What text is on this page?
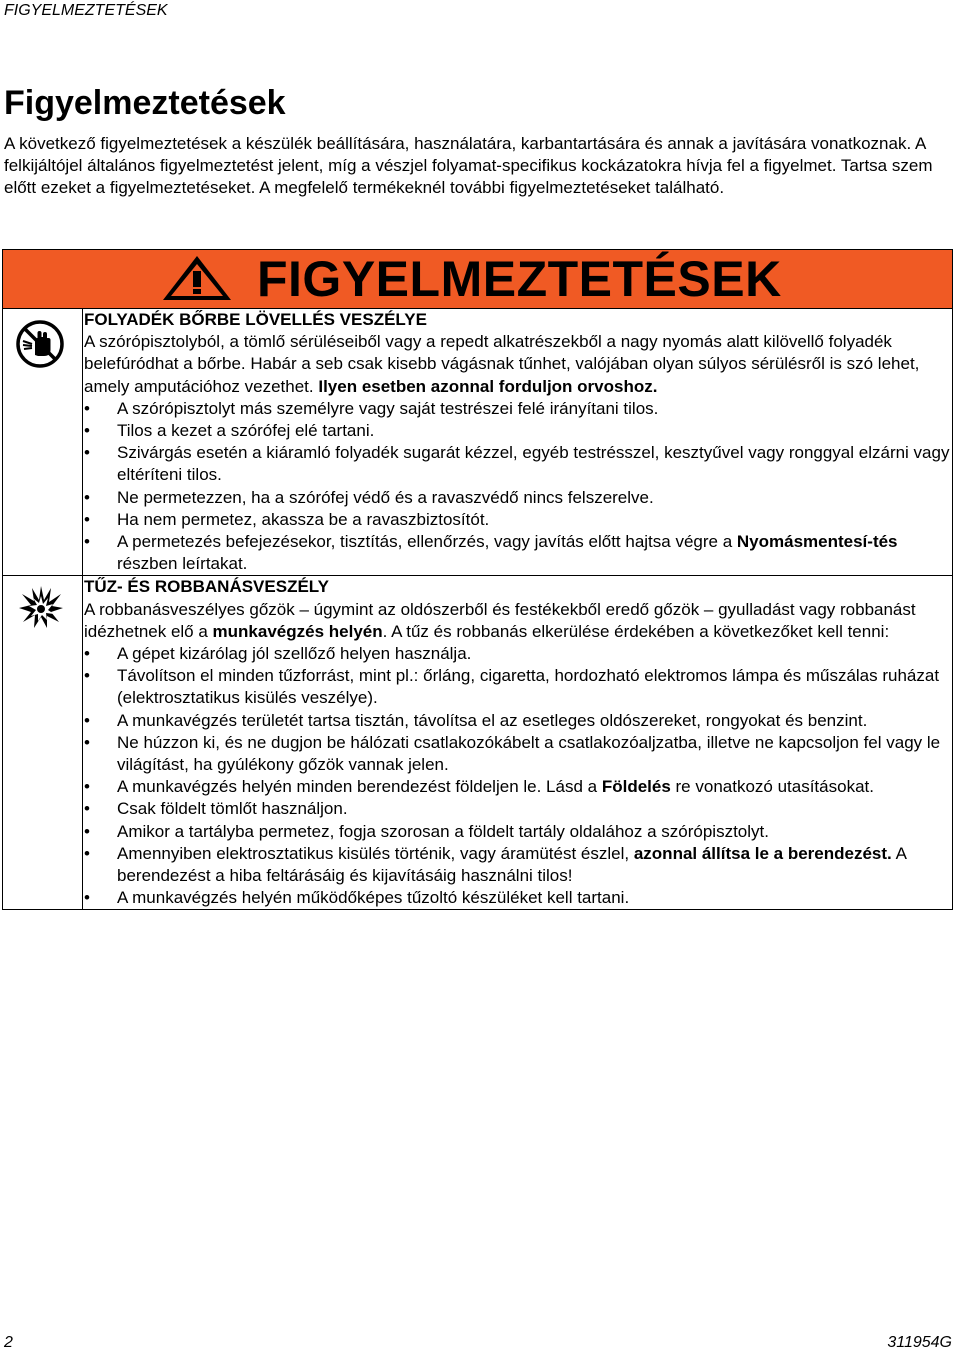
FIGYELMEZTETÉSEK
Figyelmeztetések

A következő figyelmeztetések a készülék beállítására, használatára, karbantartására és annak a javítására vonatkoznak. A felkijáltójel általános figyelmeztetést jelent, míg a vészjel folyamat-specifikus kockázatokra hívja fel a figyelmet. Tartsa szem előtt ezeket a figyelmeztetéseket. A megfelelő termékeknél további figyelmeztetéseket található.

FIGYELMEZTETÉSEK
FOLYADÉK BŐRBE LÖVELLÉS VESZÉLYE
A szórópisztolyból, a tömlő sérüléseiből vagy a repedt alkatrészekből a nagy nyomás alatt kilövellő folyadék belefúródhat a bőrbe. Habár a seb csak kisebb vágásnak tűnhet, valójában olyan súlyos sérülésről is szó lehet, amely amputációhoz vezethet. Ilyen esetben azonnal forduljon orvoshoz.
• A szórópisztolyt más személyre vagy saját testrészei felé irányítani tilos.
• Tilos a kezet a szórófej elé tartani.
• Szivárgás esetén a kiáramló folyadék sugarát kézzel, egyéb testrésszel, kesztyűvel vagy ronggyal elzárni vagy eltéríteni tilos.
• Ne permetezzen, ha a szórófej védő és a ravaszvédő nincs felszerelve.
• Ha nem permetez, akassza be a ravaszbiztosítót.
• A permetezés befejezésekor, tisztítás, ellenőrzés, vagy javítás előtt hajtsa végre a Nyomásmentesí-tés részben leírtakat.
TŰZ- ÉS ROBBANÁSVESZÉLY
A robbanásveszélyes gőzök – úgymint az oldószerből és festékekből eredő gőzök – gyulladást vagy robbanást idézhetnek elő a munkavégzés helyén. A tűz és robbanás elkerülése érdekében a következőket kell tenni:
• A gépet kizárólag jól szellőző helyen használja.
• Távolítson el minden tűzforrást, mint pl.: őrláng, cigaretta, hordozható elektromos lámpa és műszálas ruházat (elektrosztatikus kisülés veszélye).
• A munkavégzés területét tartsa tisztán, távolítsa el az esetleges oldószereket, rongyokat és benzint.
• Ne húzzon ki, és ne dugjon be hálózati csatlakozókábelt a csatlakozóaljzatba, illetve ne kapcsoljon fel vagy le világítást, ha gyúlékony gőzök vannak jelen.
• A munkavégzés helyén minden berendezést földeljen le. Lásd a Földelés re vonatkozó utasításokat.
• Csak földelt tömlőt használjon.
• Amikor a tartályba permetez, fogja szorosan a földelt tartály oldalához a szórópisztolyt.
• Amennyiben elektrosztatikus kisülés történik, vagy áramütést észlel, azonnal állítsa le a berendezést. A berendezést a hiba feltárásáig és kijavításáig használni tilos!
• A munkavégzés helyén működőképes tűzoltó készüléket kell tartani.
2	311954G
